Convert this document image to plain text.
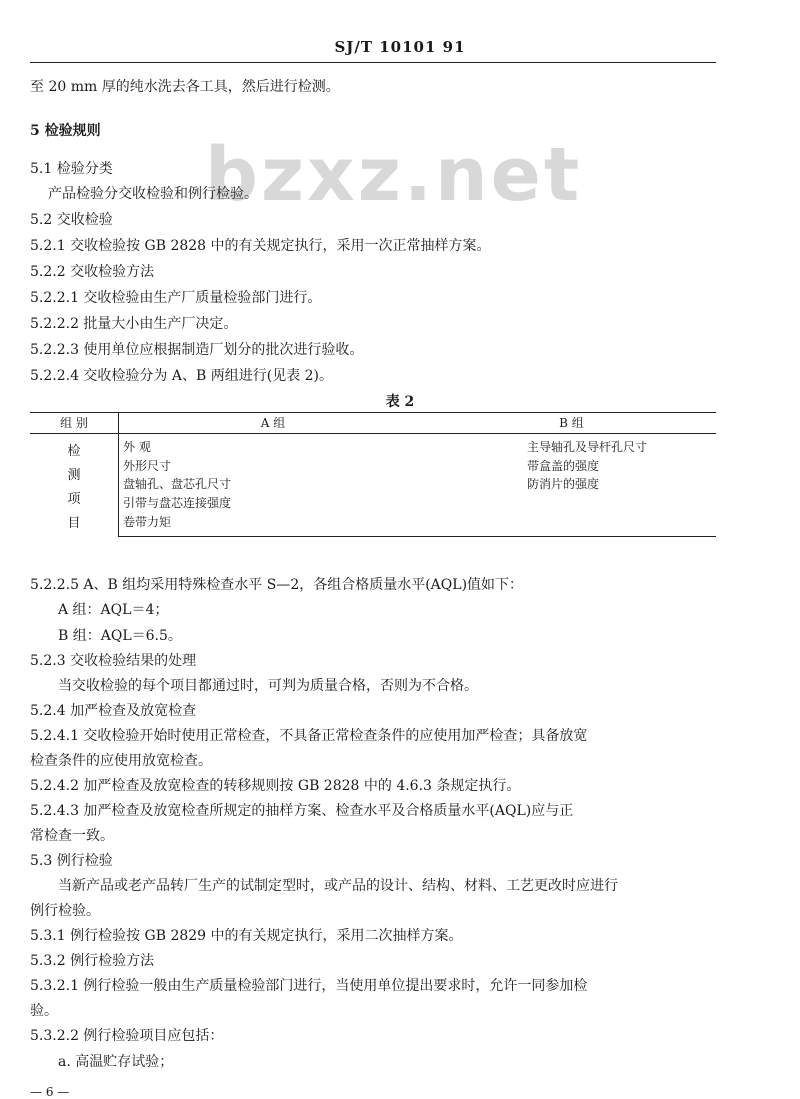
SJ/T 10101 91
bzxz.net
至 20 mm 厚的纯水洗去各工具，然后进行检测。
5 检验规则
5.1 检验分类
产品检验分交收检验和例行检验。
5.2 交收检验
5.2.1 交收检验按 GB 2828 中的有关规定执行，采用一次正常抽样方案。
5.2.2 交收检验方法
5.2.2.1 交收检验由生产厂质量检验部门进行。
5.2.2.2 批量大小由生产厂决定。
5.2.2.3 使用单位应根据制造厂划分的批次进行验收。
5.2.2.4 交收检验分为 A、B 两组进行(见表 2)。
表 2
组 别	A 组	B 组

检
测
项
目	外 观	主导轴孔及导杆孔尺寸
	外形尺寸	带盒盖的强度
	盘轴孔、盘芯孔尺寸	防消片的强度
	引带与盘芯连接强度	
	卷带力矩	
5.2.2.5 A、B 组均采用特殊检查水平 S—2，各组合格质量水平(AQL)值如下：
A 组：AQL＝4；
B 组：AQL＝6.5。
5.2.3 交收检验结果的处理
当交收检验的每个项目都通过时，可判为质量合格，否则为不合格。
5.2.4 加严检查及放宽检查
5.2.4.1 交收检验开始时使用正常检查，不具备正常检查条件的应使用加严检查；具备放宽
检查条件的应使用放宽检查。
5.2.4.2 加严检查及放宽检查的转移规则按 GB 2828 中的 4.6.3 条规定执行。
5.2.4.3 加严检查及放宽检查所规定的抽样方案、检查水平及合格质量水平(AQL)应与正
常检查一致。
5.3 例行检验
当新产品或老产品转厂生产的试制定型时，或产品的设计、结构、材料、工艺更改时应进行
例行检验。
5.3.1 例行检验按 GB 2829 中的有关规定执行，采用二次抽样方案。
5.3.2 例行检验方法
5.3.2.1 例行检验一般由生产质量检验部门进行，当使用单位提出要求时，允许一同参加检
验。
5.3.2.2 例行检验项目应包括：
a. 高温贮存试验；
— 6 —
